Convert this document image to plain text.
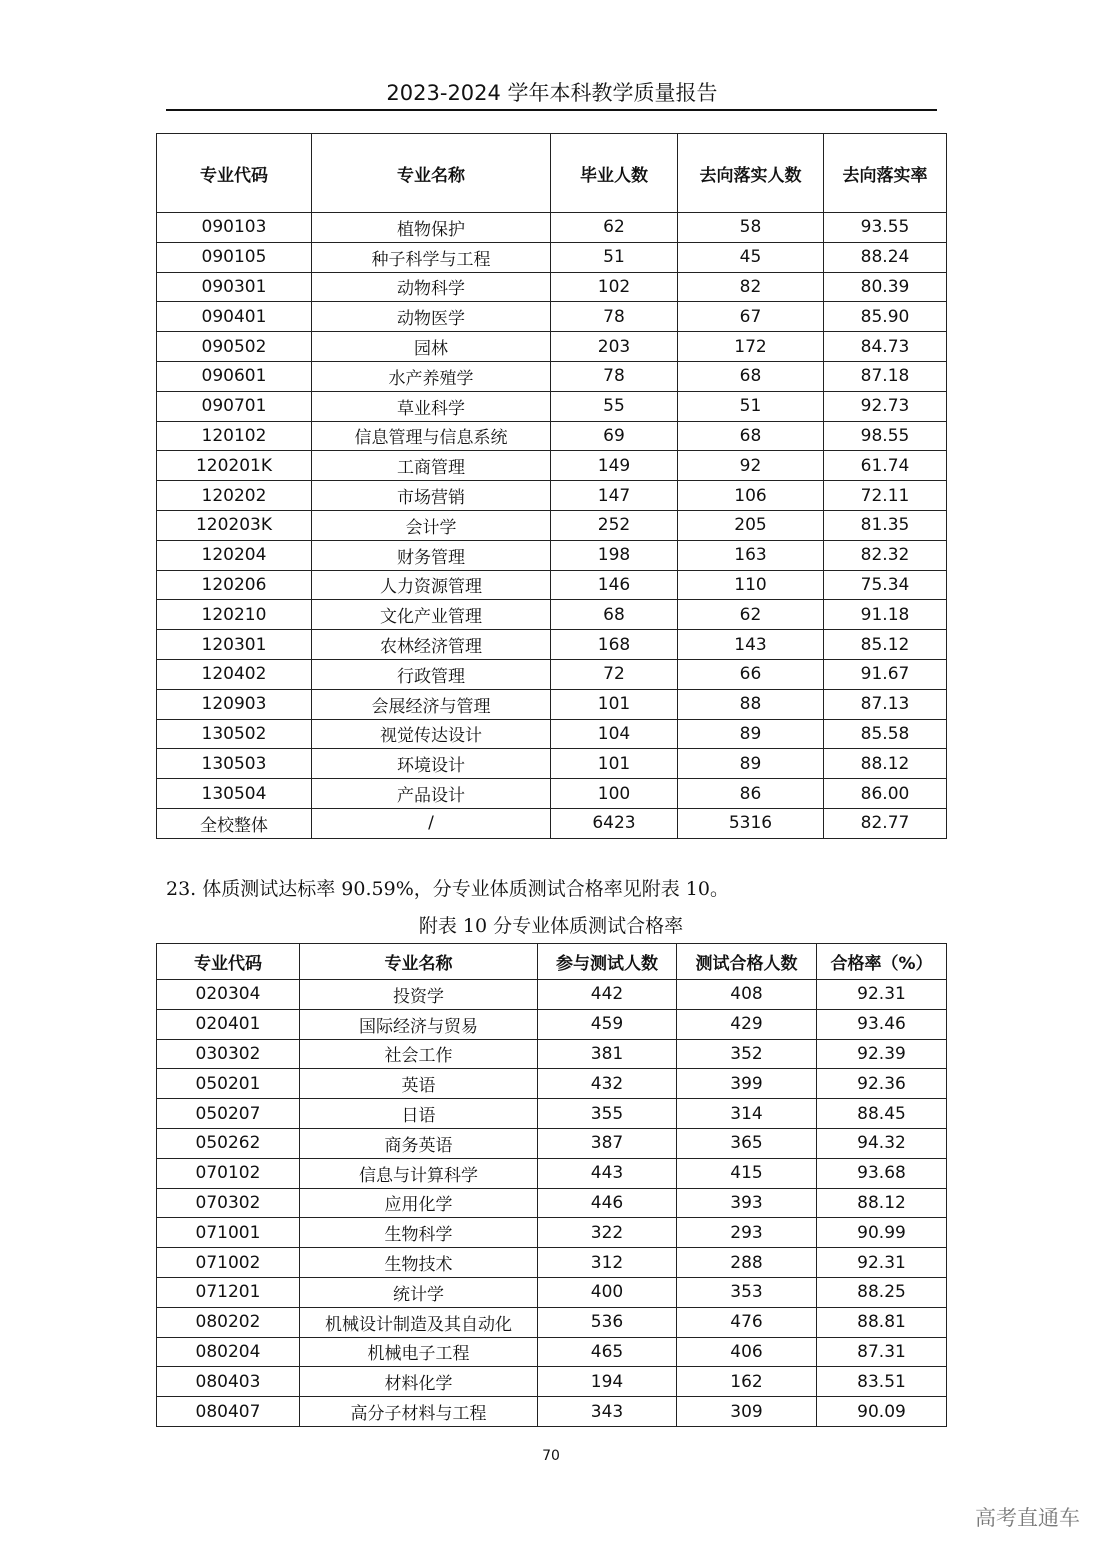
2023-2024 学年本科教学质量报告
专业代码	专业名称	毕业人数	去向落实人数	去向落实率
090103	植物保护	62	58	93.55
090105	种子科学与工程	51	45	88.24
090301	动物科学	102	82	80.39
090401	动物医学	78	67	85.90
090502	园林	203	172	84.73
090601	水产养殖学	78	68	87.18
090701	草业科学	55	51	92.73
120102	信息管理与信息系统	69	68	98.55
120201K	工商管理	149	92	61.74
120202	市场营销	147	106	72.11
120203K	会计学	252	205	81.35
120204	财务管理	198	163	82.32
120206	人力资源管理	146	110	75.34
120210	文化产业管理	68	62	91.18
120301	农林经济管理	168	143	85.12
120402	行政管理	72	66	91.67
120903	会展经济与管理	101	88	87.13
130502	视觉传达设计	104	89	85.58
130503	环境设计	101	89	88.12
130504	产品设计	100	86	86.00
全校整体	/	6423	5316	82.77
23. 体质测试达标率 90.59%，分专业体质测试合格率见附表 10。
附表 10 分专业体质测试合格率
专业代码	专业名称	参与测试人数	测试合格人数	合格率（%）
020304	投资学	442	408	92.31
020401	国际经济与贸易	459	429	93.46
030302	社会工作	381	352	92.39
050201	英语	432	399	92.36
050207	日语	355	314	88.45
050262	商务英语	387	365	94.32
070102	信息与计算科学	443	415	93.68
070302	应用化学	446	393	88.12
071001	生物科学	322	293	90.99
071002	生物技术	312	288	92.31
071201	统计学	400	353	88.25
080202	机械设计制造及其自动化	536	476	88.81
080204	机械电子工程	465	406	87.31
080403	材料化学	194	162	83.51
080407	高分子材料与工程	343	309	90.09
70
高考直通车
